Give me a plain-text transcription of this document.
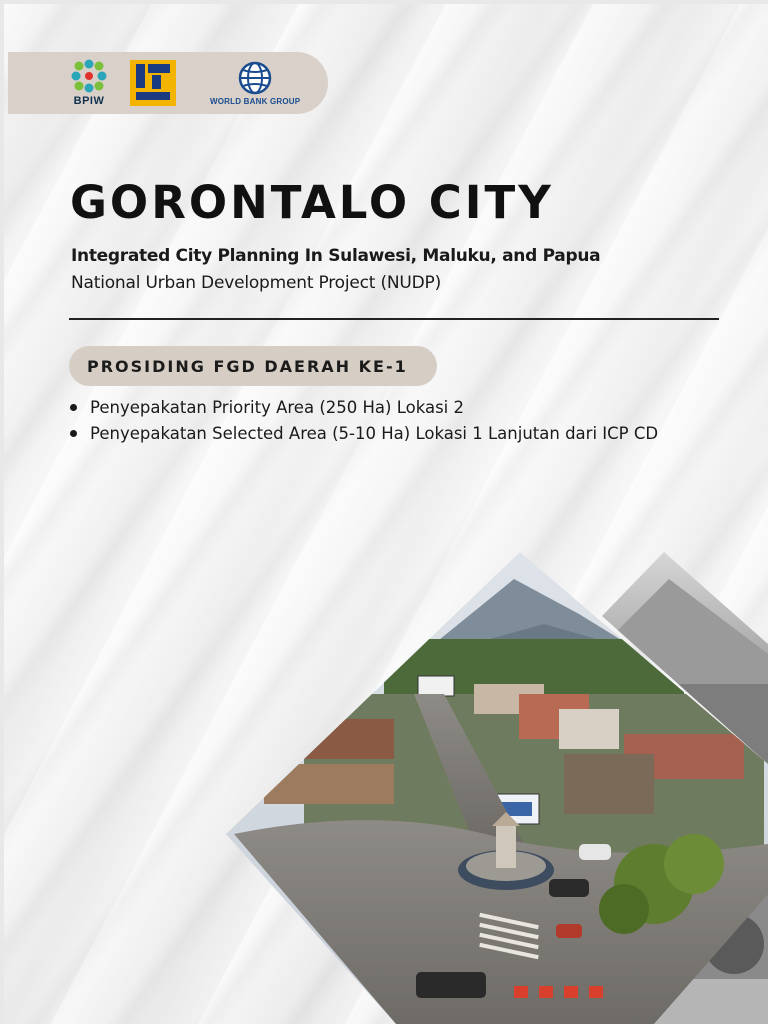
BPIW	WORLD BANK GROUP
GORONTALO CITY
Integrated City Planning In Sulawesi, Maluku, and Papua
National Urban Development Project (NUDP)
PROSIDING FGD DAERAH KE-1
Penyepakatan Priority Area (250 Ha) Lokasi 2
Penyepakatan Selected Area (5-10 Ha) Lokasi 1 Lanjutan dari ICP CD
